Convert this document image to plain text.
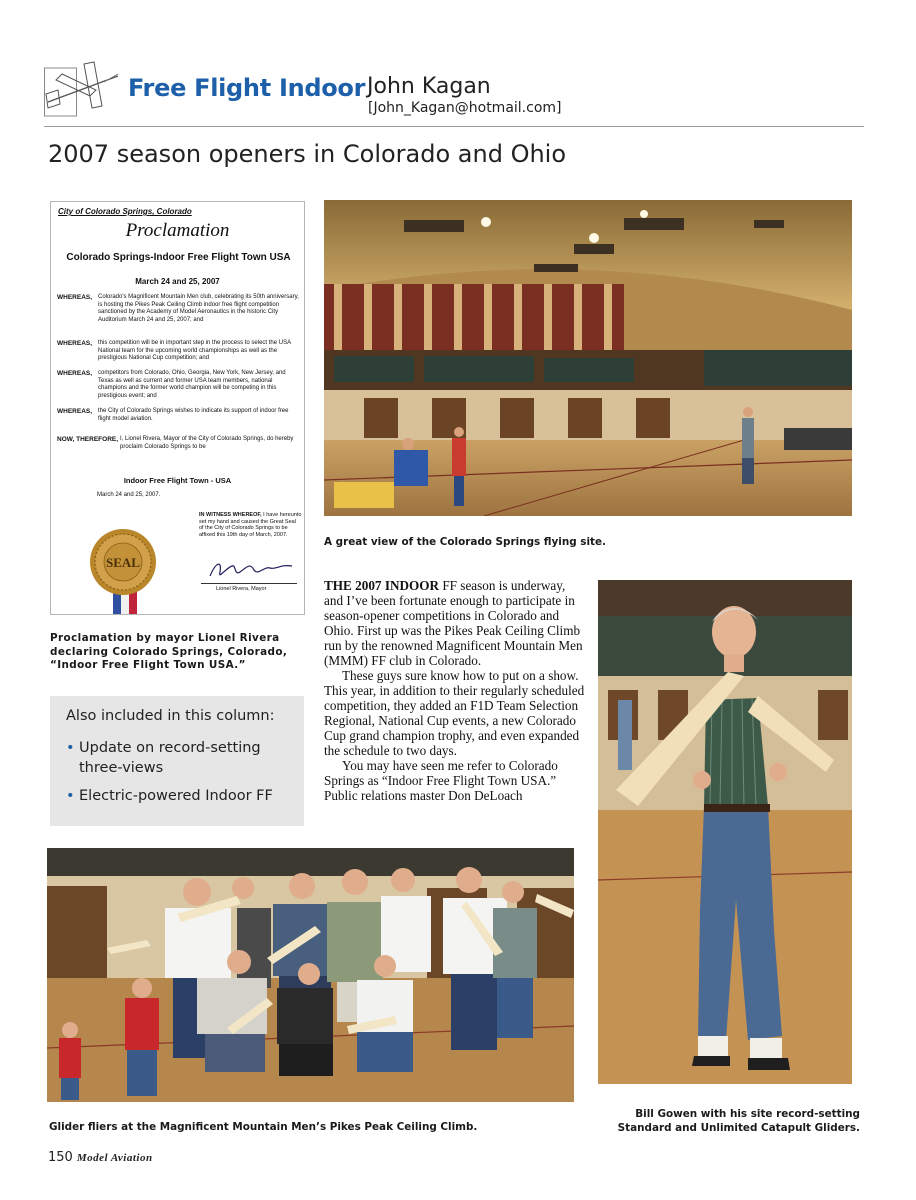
Free Flight Indoor John Kagan
[John_Kagan@hotmail.com]
2007 season openers in Colorado and Ohio
City of Colorado Springs, Colorado
Proclamation
Colorado Springs-Indoor Free Flight Town USA
March 24 and 25, 2007
WHEREAS, Colorado's Magnificent Mountain Men club, celebrating its 50th anniversary, is hosting the Pikes Peak Ceiling Climb indoor free flight competition sanctioned by the Academy of Model Aeronautics in the historic City Auditorium March 24 and 25, 2007; and
WHEREAS, this competition will be in important step in the process to select the USA National team for the upcoming world championships as well as the prestigious National Cup competition; and
WHEREAS, competitors from Colorado, Ohio, Georgia, New York, New Jersey, and Texas as well as current and former USA team members, national champions and the former world champion will be competing in this prestigious event; and
WHEREAS, the City of Colorado Springs wishes to indicate its support of indoor free flight model aviation.
NOW, THEREFORE, I, Lionel Rivera, Mayor of the City of Colorado Springs, do hereby proclaim Colorado Springs to be
Indoor Free Flight Town - USA
March 24 and 25, 2007.
IN WITNESS WHEREOF, I have hereunto set my hand and caused the Great Seal of the City of Colorado Springs to be affixed this 19th day of March, 2007.
SEAL
Lionel Rivera, Mayor
Proclamation by mayor Lionel Rivera declaring Colorado Springs, Colorado, “Indoor Free Flight Town USA.”
Also included in this column:
• Update on record-setting three-views
• Electric-powered Indoor FF
A great view of the Colorado Springs flying site.

THE 2007 INDOOR FF season is underway, and I’ve been fortunate enough to participate in season-opener competitions in Colorado and Ohio. First up was the Pikes Peak Ceiling Climb run by the renowned Magnificent Mountain Men (MMM) FF club in Colorado.

These guys sure know how to put on a show. This year, in addition to their regularly scheduled competition, they added an F1D Team Selection Regional, National Cup events, a new Colorado Cup grand champion trophy, and even expanded the schedule to two days.

You may have seen me refer to Colorado Springs as “Indoor Free Flight Town USA.” Public relations master Don DeLoach

Glider fliers at the Magnificent Mountain Men’s Pikes Peak Ceiling Climb.
Bill Gowen with his site record-setting Standard and Unlimited Catapult Gliders.
150 Model Aviation
